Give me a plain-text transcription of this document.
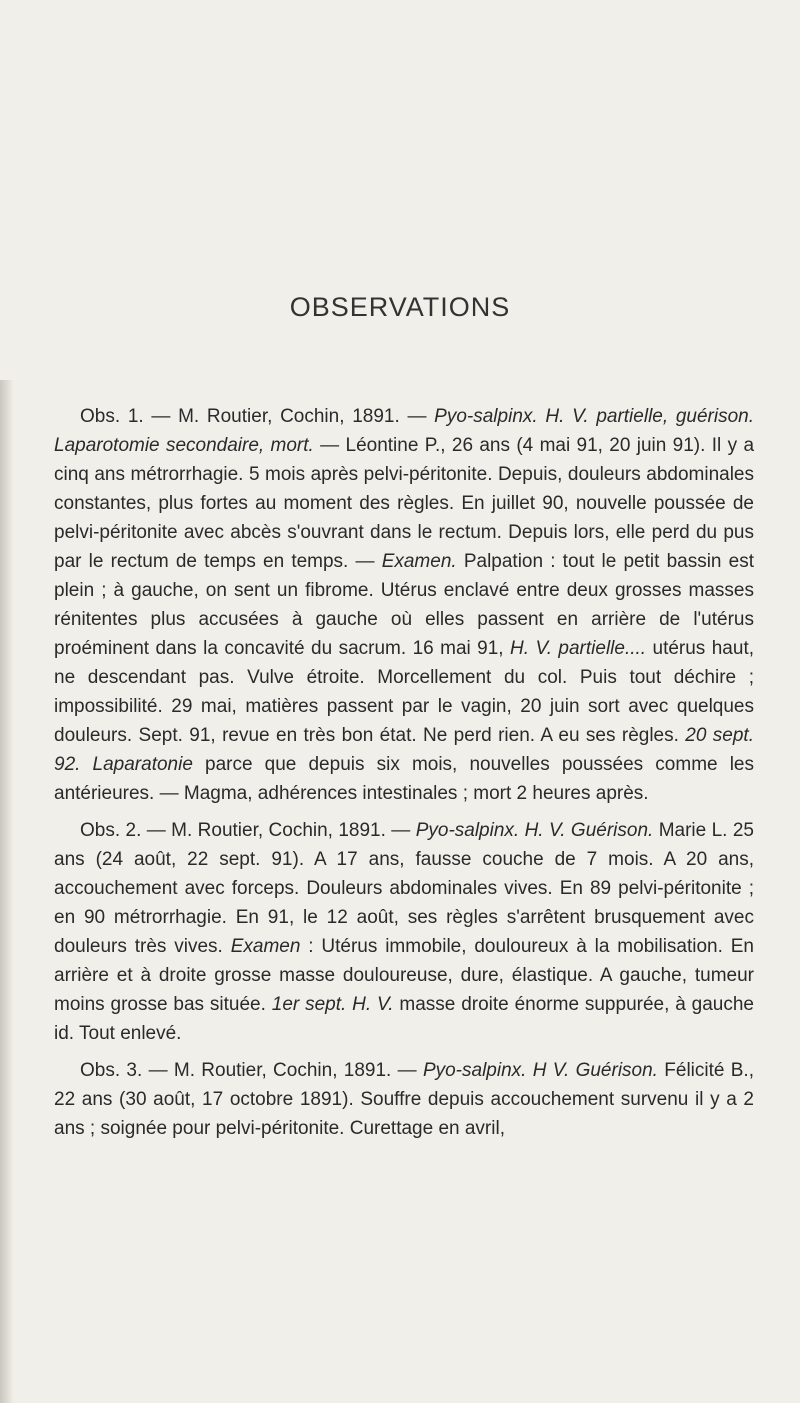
OBSERVATIONS

Obs. 1. — M. Routier, Cochin, 1891. — Pyo-salpinx. H. V. partielle, guérison. Laparotomie secondaire, mort. — Léontine P., 26 ans (4 mai 91, 20 juin 91). Il y a cinq ans métrorrhagie. 5 mois après pelvi-péritonite. Depuis, douleurs abdominales constantes, plus fortes au moment des règles. En juillet 90, nouvelle poussée de pelvi-péritonite avec abcès s'ouvrant dans le rectum. Depuis lors, elle perd du pus par le rectum de temps en temps. — Examen. Palpation : tout le petit bassin est plein ; à gauche, on sent un fibrome. Utérus enclavé entre deux grosses masses rénitentes plus accusées à gauche où elles passent en arrière de l'utérus proéminent dans la concavité du sacrum. 16 mai 91, H. V. partielle.... utérus haut, ne descendant pas. Vulve étroite. Morcellement du col. Puis tout déchire ; impossibilité. 29 mai, matières passent par le vagin, 20 juin sort avec quelques douleurs. Sept. 91, revue en très bon état. Ne perd rien. A eu ses règles. 20 sept. 92. Laparatonie parce que depuis six mois, nouvelles poussées comme les antérieures. — Magma, adhérences intestinales ; mort 2 heures après.

Obs. 2. — M. Routier, Cochin, 1891. — Pyo-salpinx. H. V. Guérison. Marie L. 25 ans (24 août, 22 sept. 91). A 17 ans, fausse couche de 7 mois. A 20 ans, accouchement avec forceps. Douleurs abdominales vives. En 89 pelvi-péritonite ; en 90 métrorrhagie. En 91, le 12 août, ses règles s'arrêtent brusquement avec douleurs très vives. Examen : Utérus immobile, douloureux à la mobilisation. En arrière et à droite grosse masse douloureuse, dure, élastique. A gauche, tumeur moins grosse bas située. 1er sept. H. V. masse droite énorme suppurée, à gauche id. Tout enlevé.

Obs. 3. — M. Routier, Cochin, 1891. — Pyo-salpinx. H V. Guérison. Félicité B., 22 ans (30 août, 17 octobre 1891). Souffre depuis accouchement survenu il y a 2 ans ; soignée pour pelvi-péritonite. Curettage en avril,
